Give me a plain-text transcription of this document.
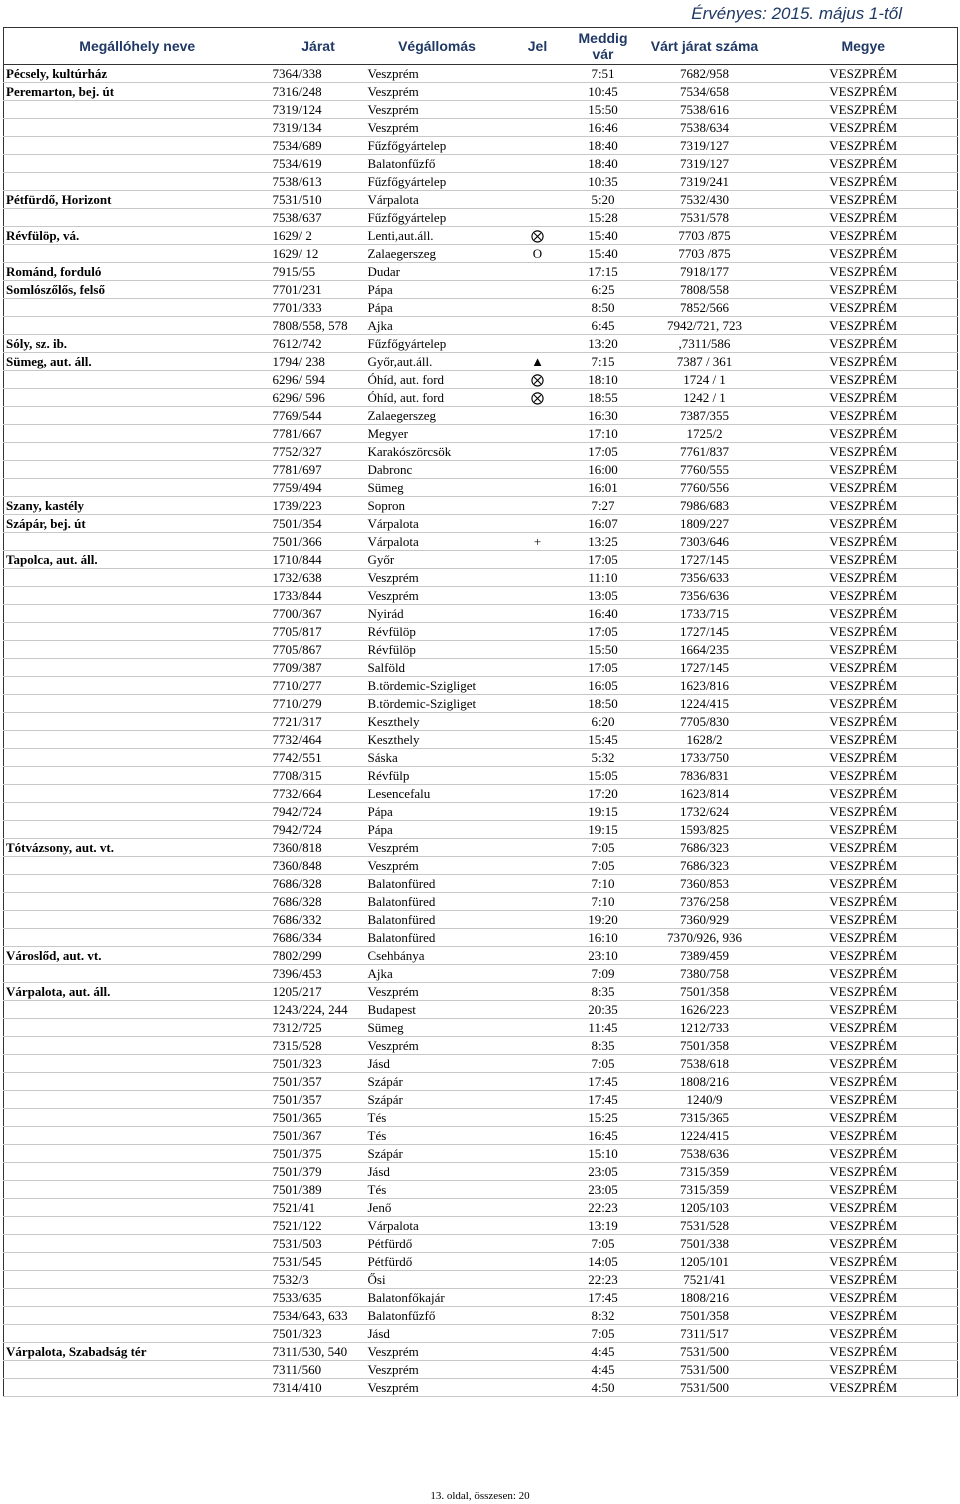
Érvényes: 2015. május 1-től
Megállóhely neve	Járat	Végállomás	Jel	Meddig vár	Várt járat száma	Megye
Pécsely, kultúrház	7364/338	Veszprém		7:51	7682/958	VESZPRÉM
Peremarton, bej. út	7316/248	Veszprém		10:45	7534/658	VESZPRÉM
	7319/124	Veszprém		15:50	7538/616	VESZPRÉM
	7319/134	Veszprém		16:46	7538/634	VESZPRÉM
	7534/689	Fűzfőgyártelep		18:40	7319/127	VESZPRÉM
	7534/619	Balatonfűzfő		18:40	7319/127	VESZPRÉM
	7538/613	Fűzfőgyártelep		10:35	7319/241	VESZPRÉM
Pétfürdő, Horizont	7531/510	Várpalota		5:20	7532/430	VESZPRÉM
	7538/637	Fűzfőgyártelep		15:28	7531/578	VESZPRÉM
Révfülöp, vá.	1629/ 2	Lenti,aut.áll.	⨂	15:40	7703 /875	VESZPRÉM
	1629/ 12	Zalaegerszeg	O	15:40	7703 /875	VESZPRÉM
Románd, forduló	7915/55	Dudar		17:15	7918/177	VESZPRÉM
Somlószőlős, felső	7701/231	Pápa		6:25	7808/558	VESZPRÉM
	7701/333	Pápa		8:50	7852/566	VESZPRÉM
	7808/558, 578	Ajka		6:45	7942/721, 723	VESZPRÉM
Sóly, sz. ib.	7612/742	Fűzfőgyártelep		13:20	,7311/586	VESZPRÉM
Sümeg, aut. áll.	1794/ 238	Győr,aut.áll.	▲	7:15	7387 / 361	VESZPRÉM
	6296/ 594	Óhíd, aut. ford	⨂	18:10	1724 / 1	VESZPRÉM
	6296/ 596	Óhíd, aut. ford	⨂	18:55	1242 / 1	VESZPRÉM
	7769/544	Zalaegerszeg		16:30	7387/355	VESZPRÉM
	7781/667	Megyer		17:10	1725/2	VESZPRÉM
	7752/327	Karakószörcsök		17:05	7761/837	VESZPRÉM
	7781/697	Dabronc		16:00	7760/555	VESZPRÉM
	7759/494	Sümeg		16:01	7760/556	VESZPRÉM
Szany, kastély	1739/223	Sopron		7:27	7986/683	VESZPRÉM
Szápár, bej. út	7501/354	Várpalota		16:07	1809/227	VESZPRÉM
	7501/366	Várpalota	+	13:25	7303/646	VESZPRÉM
Tapolca, aut. áll.	1710/844	Győr		17:05	1727/145	VESZPRÉM
	1732/638	Veszprém		11:10	7356/633	VESZPRÉM
	1733/844	Veszprém		13:05	7356/636	VESZPRÉM
	7700/367	Nyirád		16:40	1733/715	VESZPRÉM
	7705/817	Révfülöp		17:05	1727/145	VESZPRÉM
	7705/867	Révfülöp		15:50	1664/235	VESZPRÉM
	7709/387	Salföld		17:05	1727/145	VESZPRÉM
	7710/277	B.tördemic-Szigliget		16:05	1623/816	VESZPRÉM
	7710/279	B.tördemic-Szigliget		18:50	1224/415	VESZPRÉM
	7721/317	Keszthely		6:20	7705/830	VESZPRÉM
	7732/464	Keszthely		15:45	1628/2	VESZPRÉM
	7742/551	Sáska		5:32	1733/750	VESZPRÉM
	7708/315	Révfülp		15:05	7836/831	VESZPRÉM
	7732/664	Lesencefalu		17:20	1623/814	VESZPRÉM
	7942/724	Pápa		19:15	1732/624	VESZPRÉM
	7942/724	Pápa		19:15	1593/825	VESZPRÉM
Tótvázsony, aut. vt.	7360/818	Veszprém		7:05	7686/323	VESZPRÉM
	7360/848	Veszprém		7:05	7686/323	VESZPRÉM
	7686/328	Balatonfüred		7:10	7360/853	VESZPRÉM
	7686/328	Balatonfüred		7:10	7376/258	VESZPRÉM
	7686/332	Balatonfüred		19:20	7360/929	VESZPRÉM
	7686/334	Balatonfüred		16:10	7370/926, 936	VESZPRÉM
Városlőd, aut. vt.	7802/299	Csehbánya		23:10	7389/459	VESZPRÉM
	7396/453	Ajka		7:09	7380/758	VESZPRÉM
Várpalota, aut. áll.	1205/217	Veszprém		8:35	7501/358	VESZPRÉM
	1243/224, 244	Budapest		20:35	1626/223	VESZPRÉM
	7312/725	Sümeg		11:45	1212/733	VESZPRÉM
	7315/528	Veszprém		8:35	7501/358	VESZPRÉM
	7501/323	Jásd		7:05	7538/618	VESZPRÉM
	7501/357	Szápár		17:45	1808/216	VESZPRÉM
	7501/357	Szápár		17:45	1240/9	VESZPRÉM
	7501/365	Tés		15:25	7315/365	VESZPRÉM
	7501/367	Tés		16:45	1224/415	VESZPRÉM
	7501/375	Szápár		15:10	7538/636	VESZPRÉM
	7501/379	Jásd		23:05	7315/359	VESZPRÉM
	7501/389	Tés		23:05	7315/359	VESZPRÉM
	7521/41	Jenő		22:23	1205/103	VESZPRÉM
	7521/122	Várpalota		13:19	7531/528	VESZPRÉM
	7531/503	Pétfürdő		7:05	7501/338	VESZPRÉM
	7531/545	Pétfürdő		14:05	1205/101	VESZPRÉM
	7532/3	Ősi		22:23	7521/41	VESZPRÉM
	7533/635	Balatonfőkajár		17:45	1808/216	VESZPRÉM
	7534/643, 633	Balatonfűzfő		8:32	7501/358	VESZPRÉM
	7501/323	Jásd		7:05	7311/517	VESZPRÉM
Várpalota, Szabadság tér	7311/530, 540	Veszprém		4:45	7531/500	VESZPRÉM
	7311/560	Veszprém		4:45	7531/500	VESZPRÉM
	7314/410	Veszprém		4:50	7531/500	VESZPRÉM
13. oldal, összesen: 20
